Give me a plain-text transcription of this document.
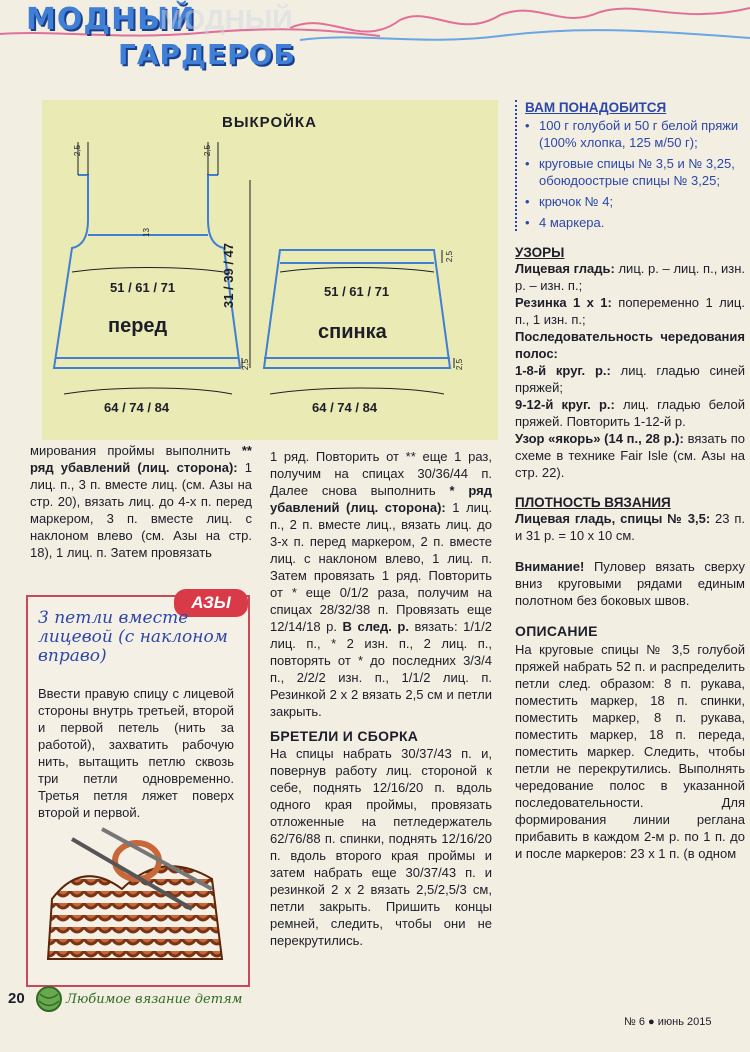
МОДНЫЙ
ГАРДЕРОБ
МОДНЫЙ
ВЫКРОЙКА
2,5	2,5
13
51 / 61 / 71
перед
2,5
64 / 74 / 84
31 / 39 / 47	2,5
51 / 61 / 71
спинка
2,5
64 / 74 / 84

ВАМ ПОНАДОБИТСЯ

• 100 г голубой и 50 г белой пряжи (100% хлопка, 125 м/50 г);
• круговые спицы № 3,5 и № 3,25, обоюдоострые спицы № 3,25;
• крючок № 4;
• 4 маркера.

УЗОРЫ

Лицевая гладь: лиц. р. – лиц. п., изн. р. – изн. п.;

Резинка 1 х 1: попеременно 1 лиц. п., 1 изн. п.;

Последовательность чередования полос:

1-8-й круг. р.: лиц. гладью синей пряжей;

9-12-й круг. р.: лиц. гладью белой пряжей. Повторить 1-12-й р.

Узор «якорь» (14 п., 28 р.): вязать по схеме в технике Fair Isle (см. Азы на стр. 22).

ПЛОТНОСТЬ ВЯЗАНИЯ

Лицевая гладь, спицы № 3,5: 23 п. и 31 р. = 10 х 10 см.

Внимание! Пуловер вязать сверху вниз круговыми рядами единым полотном без боковых швов.

ОПИСАНИЕ

На круговые спицы № 3,5 голубой пряжей набрать 52 п. и распределить петли след. образом: 8 п. рукава, поместить маркер, 18 п. спинки, поместить маркер, 8 п. рукава, поместить маркер, 18 п. переда, поместить маркер. Следить, чтобы петли не перекрутились. Выполнять чередование полос в указанной последовательности. Для формирования линии реглана прибавить в каждом 2-м р. по 1 п. до и после маркеров: 23 х 1 п. (в одном

мирования проймы выполнить ** ряд убавлений (лиц. сторона): 1 лиц. п., 3 п. вместе лиц. (см. Азы на стр. 20), вязать лиц. до 4-х п. перед маркером, 3 п. вместе лиц. с наклоном влево (см. Азы на стр. 18), 1 лиц. п. Затем провязать

1 ряд. Повторить от ** еще 1 раз, получим на спицах 30/36/44 п. Далее снова выполнить * ряд убавлений (лиц. сторона): 1 лиц. п., 2 п. вместе лиц., вязать лиц. до 3-х п. перед маркером, 2 п. вместе лиц. с наклоном влево, 1 лиц. п. Затем провязать 1 ряд. Повторить от * еще 0/1/2 раза, получим на спицах 28/32/38 п. Провязать еще 12/14/18 р. В след. р. вязать: 1/1/2 лиц. п., * 2 изн. п., 2 лиц. п., повторять от * до последних 3/3/4 п., 2/2/2 изн. п., 1/1/2 лиц. п. Резинкой 2 х 2 вязать 2,5 см и петли закрыть.

БРЕТЕЛИ И СБОРКА

На спицы набрать 30/37/43 п. и, повернув работу лиц. стороной к себе, поднять 12/16/20 п. вдоль одного края проймы, провязать отложенные на петледержатель 62/76/88 п. спинки, поднять 12/16/20 п. вдоль второго края проймы и затем набрать еще 30/37/43 п. и резинкой 2 х 2 вязать 2,5/2,5/3 см, петли закрыть. Пришить концы ремней, следить, чтобы они не перекрутились.

АЗЫ
3 петли вместе лицевой (с наклоном вправо)
Ввести правую спицу с лицевой стороны внутрь третьей, второй и первой петель (нить за работой), захватить рабочую нить, вытащить петлю сквозь три петли одновременно. Третья петля ляжет поверх второй и первой.
20	Любимое вязание детям
№ 6 ● июнь 2015
